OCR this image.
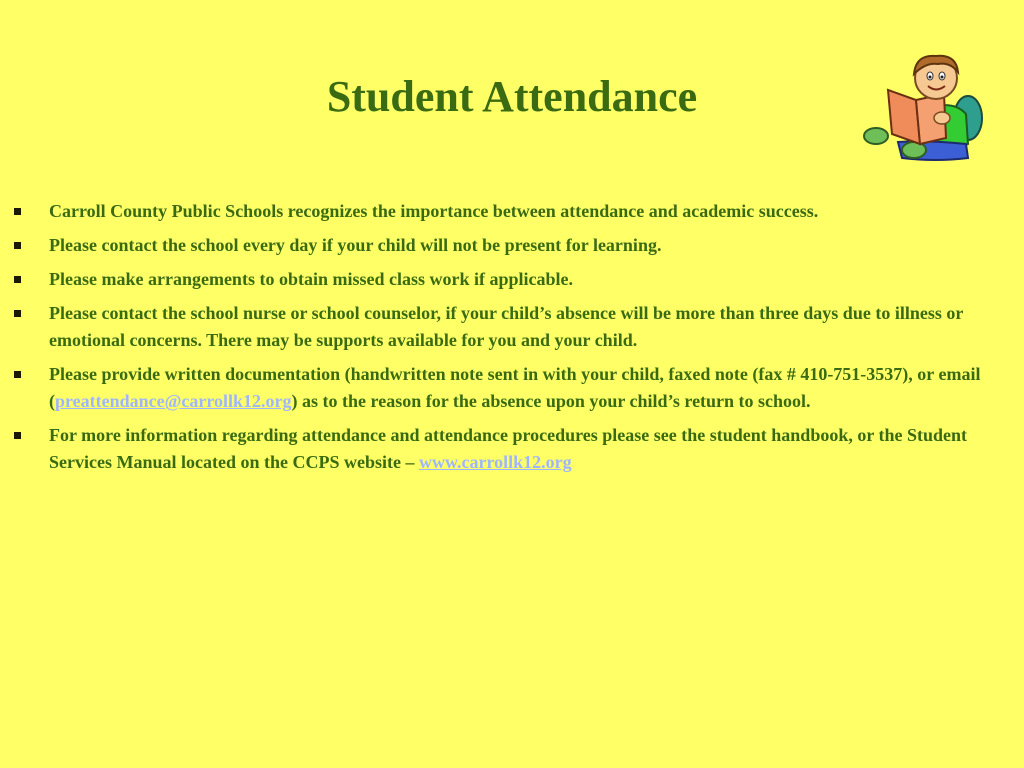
Student Attendance
Carroll County Public Schools recognizes the importance between attendance and academic success.
Please contact the school every day if your child will not be present for learning.
Please make arrangements to obtain missed class work if applicable.
Please contact the school nurse or school counselor, if your child’s absence will be more than three days due to illness or emotional concerns. There may be supports available for you and your child.
Please provide written documentation (handwritten note sent in with your child, faxed note (fax # 410-751-3537), or email (preattendance@carrollk12.org) as to the reason for the absence upon your child’s return to school.
For more information regarding attendance and attendance procedures please see the student handbook, or the Student Services Manual located on the CCPS website – www.carrollk12.org
